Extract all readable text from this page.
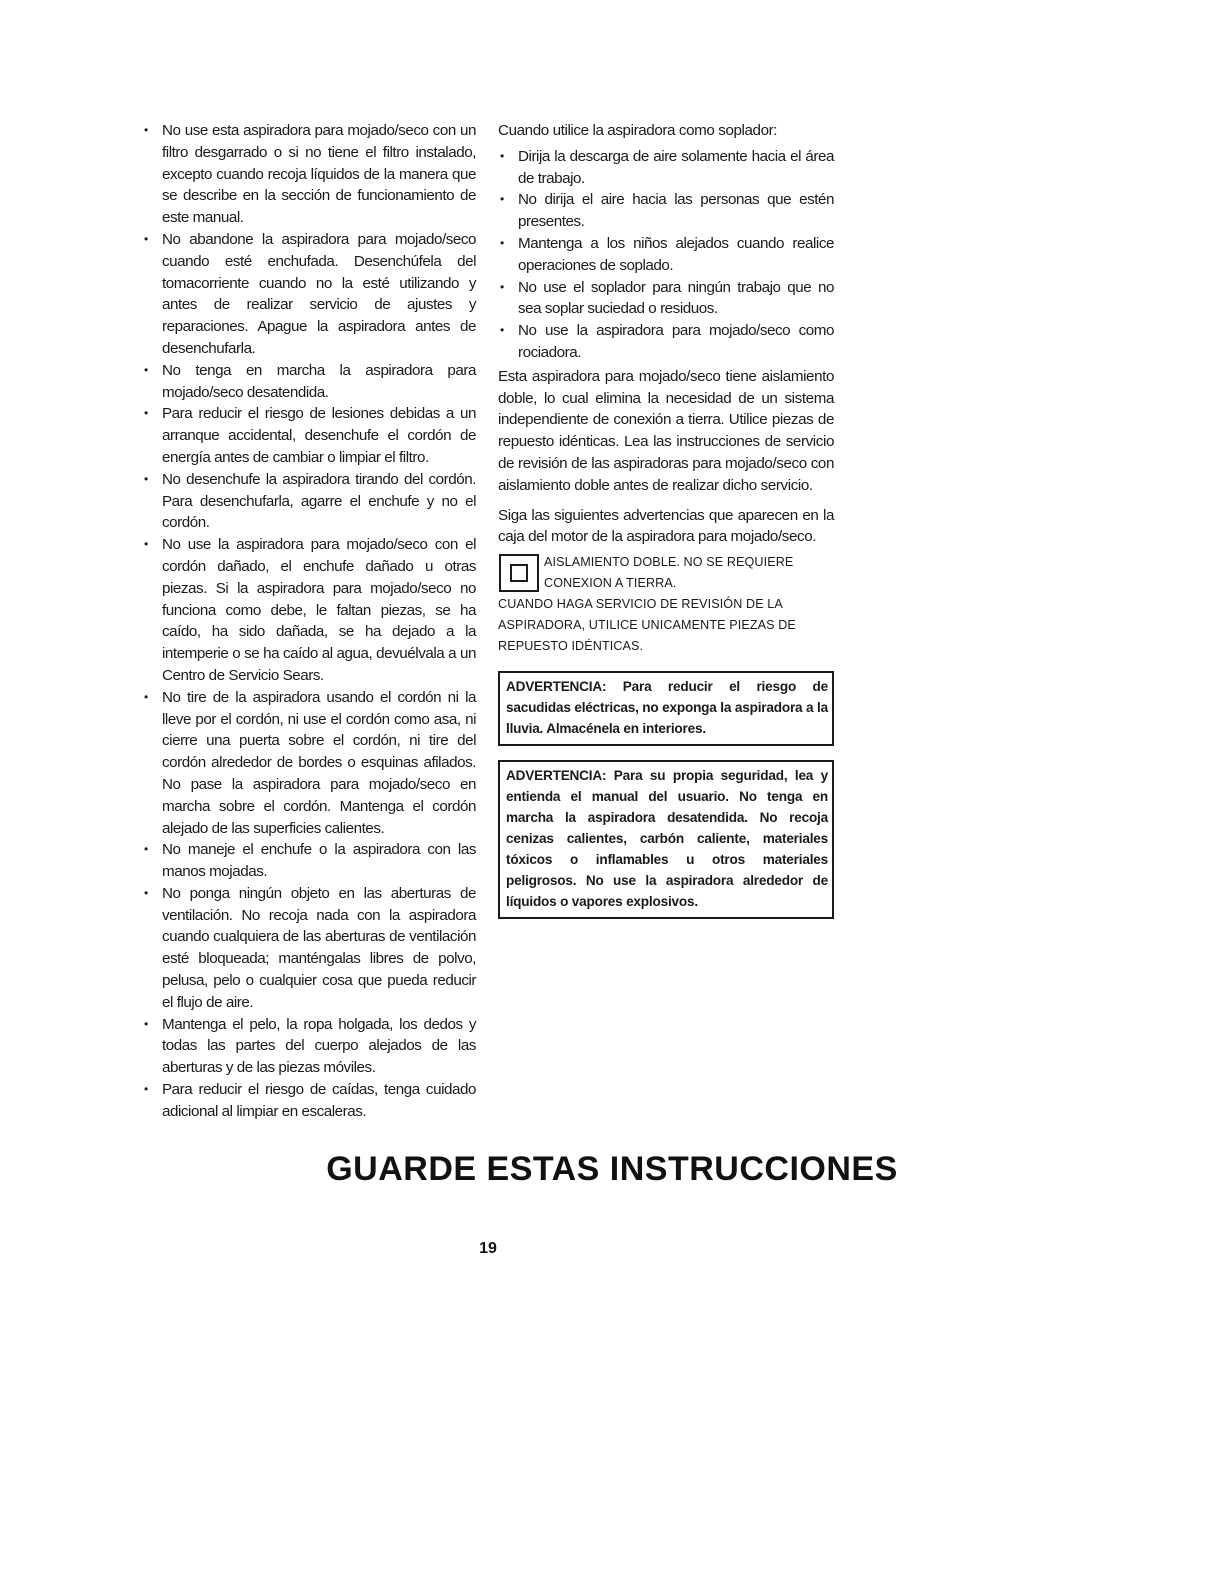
• No use esta aspiradora para mojado/seco con un filtro desgarrado o si no tiene el filtro instalado, excepto cuando recoja líquidos de la manera que se describe en la sección de funcionamiento de este manual.
• No abandone la aspiradora para mojado/seco cuando esté enchufada. Desenchúfela del tomacorriente cuando no la esté utilizando y antes de realizar servicio de ajustes y reparaciones. Apague la aspiradora antes de desenchufarla.
• No tenga en marcha la aspiradora para mojado/seco desatendida.
• Para reducir el riesgo de lesiones debidas a un arranque accidental, desenchufe el cordón de energía antes de cambiar o limpiar el filtro.
• No desenchufe la aspiradora tirando del cordón. Para desenchufarla, agarre el enchufe y no el cordón.
• No use la aspiradora para mojado/seco con el cordón dañado, el enchufe dañado u otras piezas. Si la aspiradora para mojado/seco no funciona como debe, le faltan piezas, se ha caído, ha sido dañada, se ha dejado a la intemperie o se ha caído al agua, devuélvala a un Centro de Servicio Sears.
• No tire de la aspiradora usando el cordón ni la lleve por el cordón, ni use el cordón como asa, ni cierre una puerta sobre el cordón, ni tire del cordón alrededor de bordes o esquinas afilados. No pase la aspiradora para mojado/seco en marcha sobre el cordón. Mantenga el cordón alejado de las superficies calientes.
• No maneje el enchufe o la aspiradora con las manos mojadas.
• No ponga ningún objeto en las aberturas de ventilación. No recoja nada con la aspiradora cuando cualquiera de las aberturas de ventilación esté bloqueada; manténgalas libres de polvo, pelusa, pelo o cualquier cosa que pueda reducir el flujo de aire.
• Mantenga el pelo, la ropa holgada, los dedos y todas las partes del cuerpo alejados de las aberturas y de las piezas móviles.
• Para reducir el riesgo de caídas, tenga cuidado adicional al limpiar en escaleras.

Cuando utilice la aspiradora como soplador:

• Dirija la descarga de aire solamente hacia el área de trabajo.
• No dirija el aire hacia las personas que estén presentes.
• Mantenga a los niños alejados cuando realice operaciones de soplado.
• No use el soplador para ningún trabajo que no sea soplar suciedad o residuos.
• No use la aspiradora para mojado/seco como rociadora.

Esta aspiradora para mojado/seco tiene aislamiento doble, lo cual elimina la necesidad de un sistema independiente de conexión a tierra. Utilice piezas de repuesto idénticas. Lea las instrucciones de servicio de revisión de las aspiradoras para mojado/seco con aislamiento doble antes de realizar dicho servicio.

Siga las siguientes advertencias que aparecen en la caja del motor de la aspiradora para mojado/seco.

AISLAMIENTO DOBLE. NO SE REQUIERE
CONEXION A TIERRA.
CUANDO HAGA SERVICIO DE REVISIÓN DE LA ASPIRADORA, UTILICE UNICAMENTE PIEZAS DE REPUESTO IDÉNTICAS.
ADVERTENCIA: Para reducir el riesgo de sacudidas eléctricas, no exponga la aspiradora a la lluvia. Almacénela en interiores.
ADVERTENCIA: Para su propia seguridad, lea y entienda el manual del usuario. No tenga en marcha la aspiradora desatendida. No recoja cenizas calientes, carbón caliente, materiales tóxicos o inflamables u otros materiales peligrosos. No use la aspiradora alrededor de líquidos o vapores explosivos.
GUARDE ESTAS INSTRUCCIONES
19
